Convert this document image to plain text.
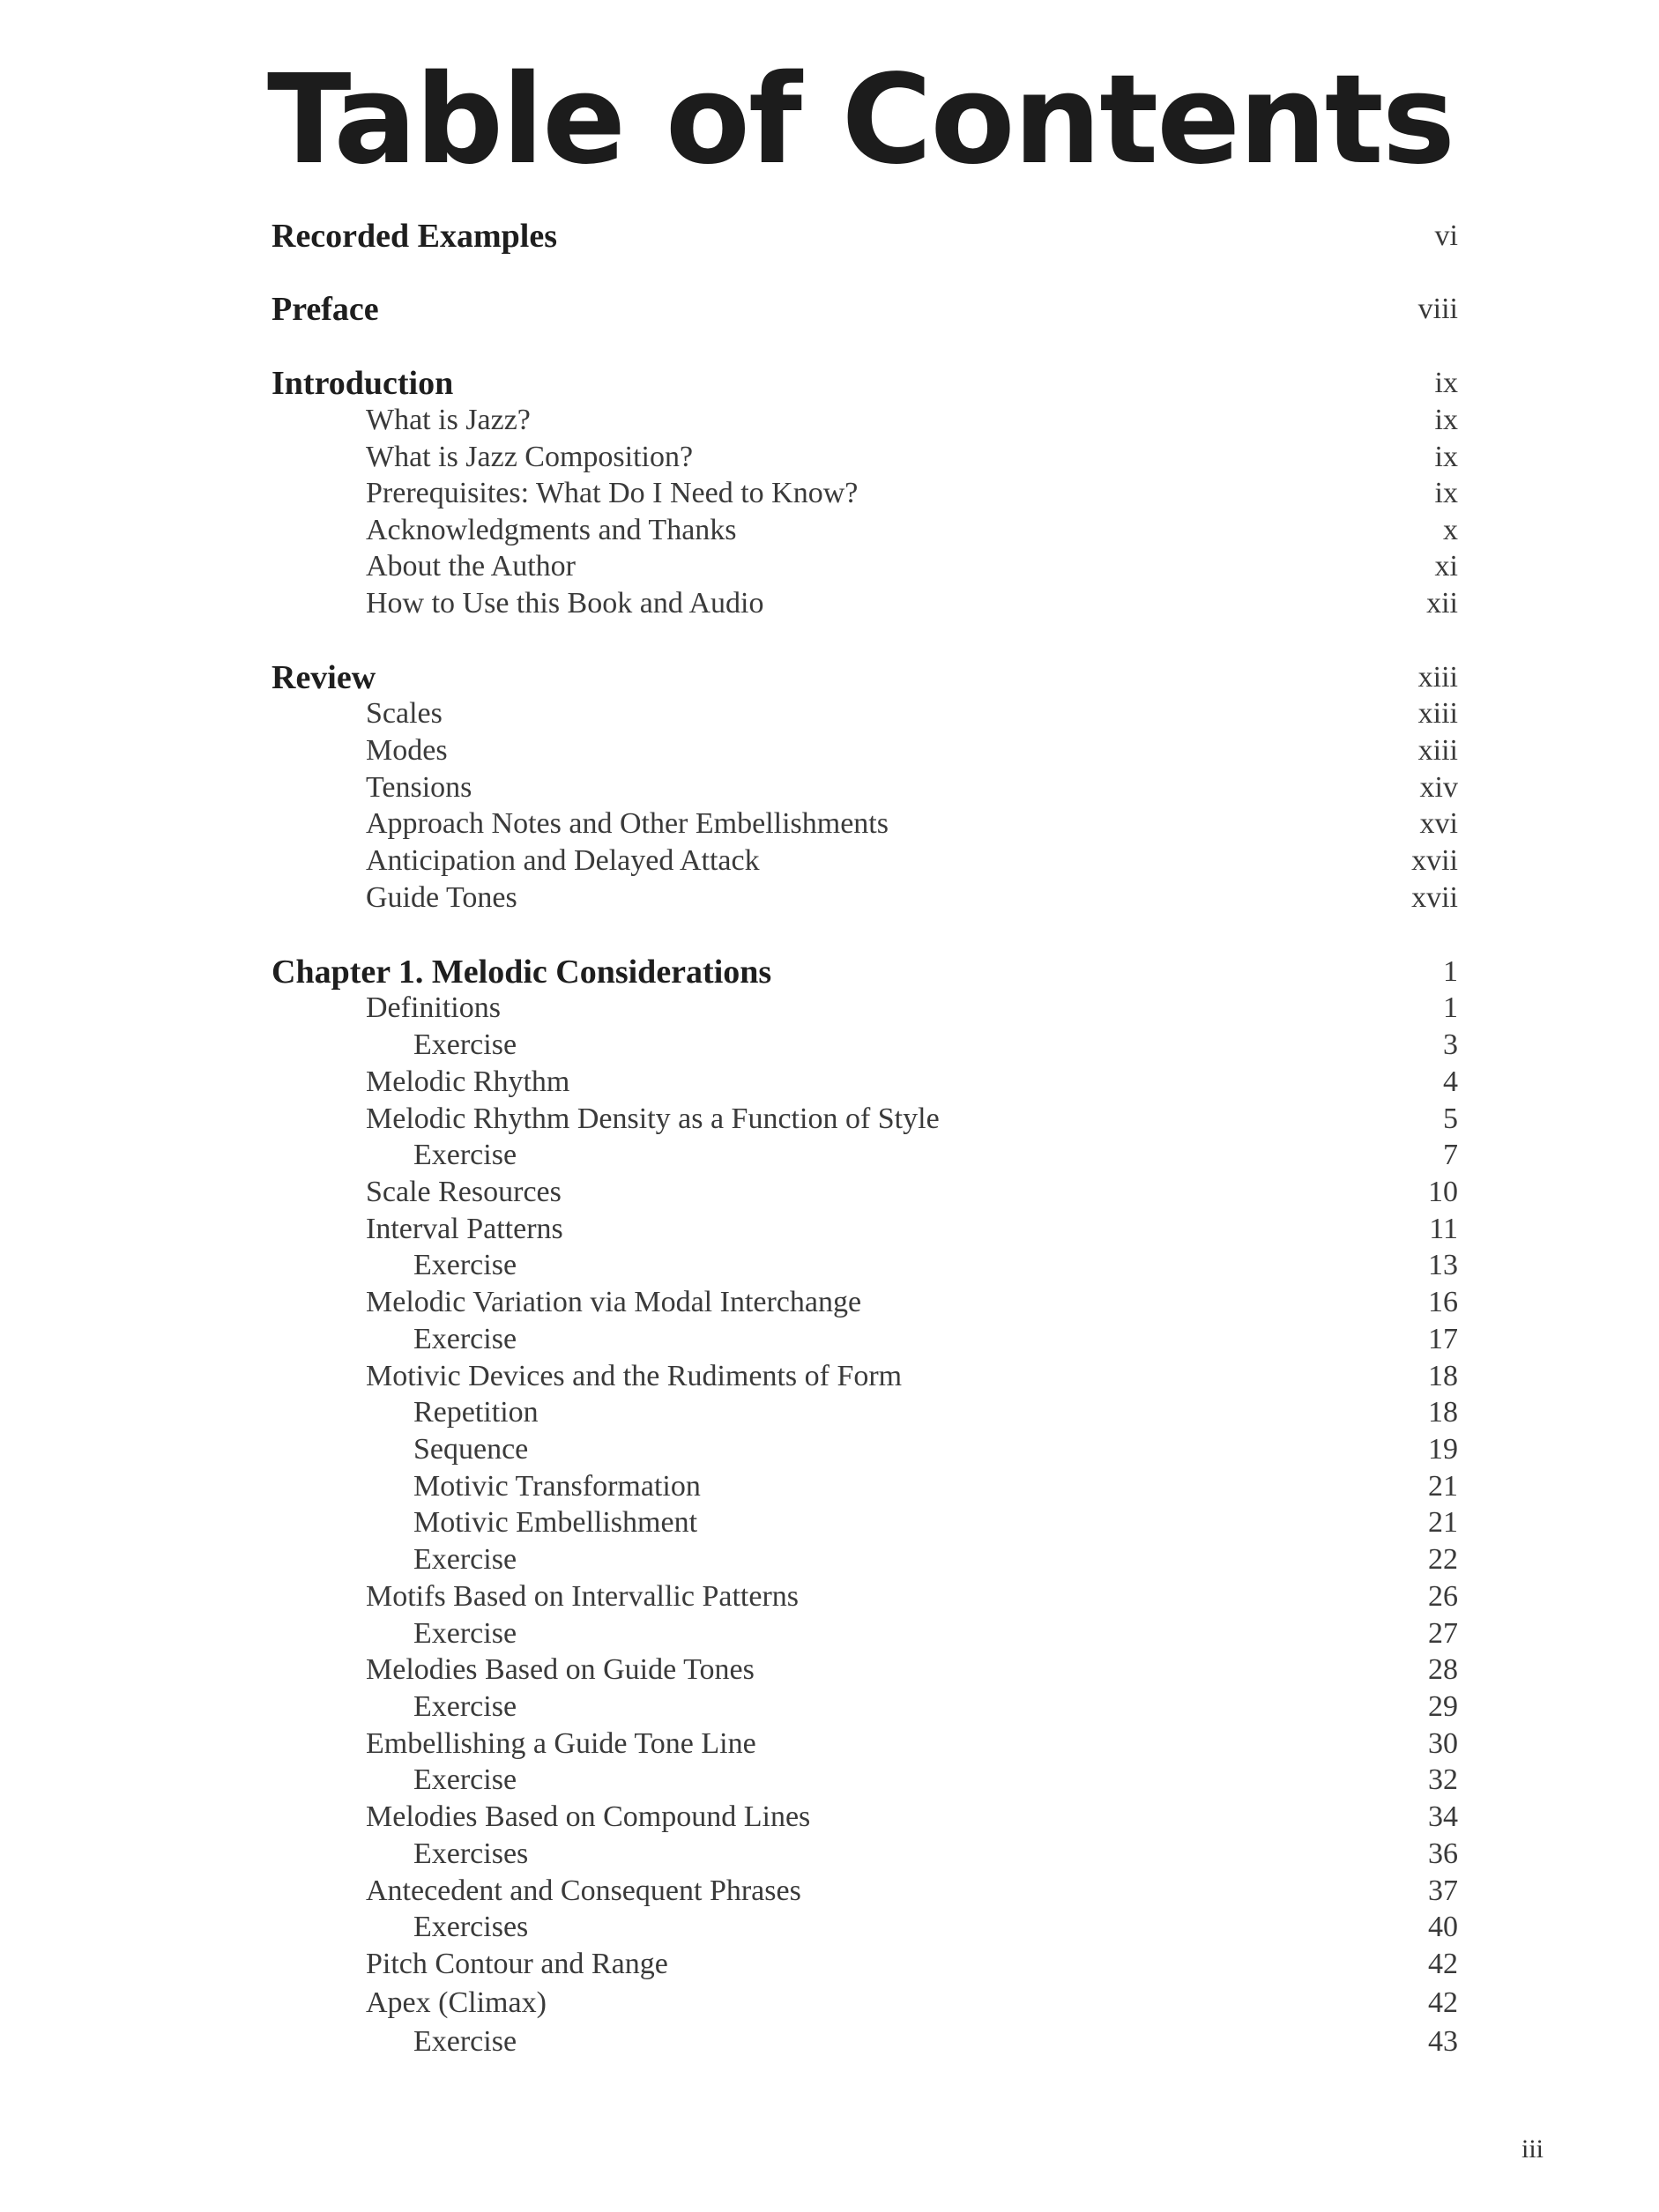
Table of Contents
Recorded Examples	vi
Preface	viii
Introduction	ix
What is Jazz?	ix
What is Jazz Composition?	ix
Prerequisites: What Do I Need to Know?	ix
Acknowledgments and Thanks	x
About the Author	xi
How to Use this Book and Audio	xii
Review	xiii
Scales	xiii
Modes	xiii
Tensions	xiv
Approach Notes and Other Embellishments	xvi
Anticipation and Delayed Attack	xvii
Guide Tones	xvii
Chapter 1. Melodic Considerations	1
Definitions	1
Exercise	3
Melodic Rhythm	4
Melodic Rhythm Density as a Function of Style	5
Exercise	7
Scale Resources	10
Interval Patterns	11
Exercise	13
Melodic Variation via Modal Interchange	16
Exercise	17
Motivic Devices and the Rudiments of Form	18
Repetition	18
Sequence	19
Motivic Transformation	21
Motivic Embellishment	21
Exercise	22
Motifs Based on Intervallic Patterns	26
Exercise	27
Melodies Based on Guide Tones	28
Exercise	29
Embellishing a Guide Tone Line	30
Exercise	32
Melodies Based on Compound Lines	34
Exercises	36
Antecedent and Consequent Phrases	37
Exercises	40
Pitch Contour and Range	42
Apex (Climax)	42
Exercise	43
iii
